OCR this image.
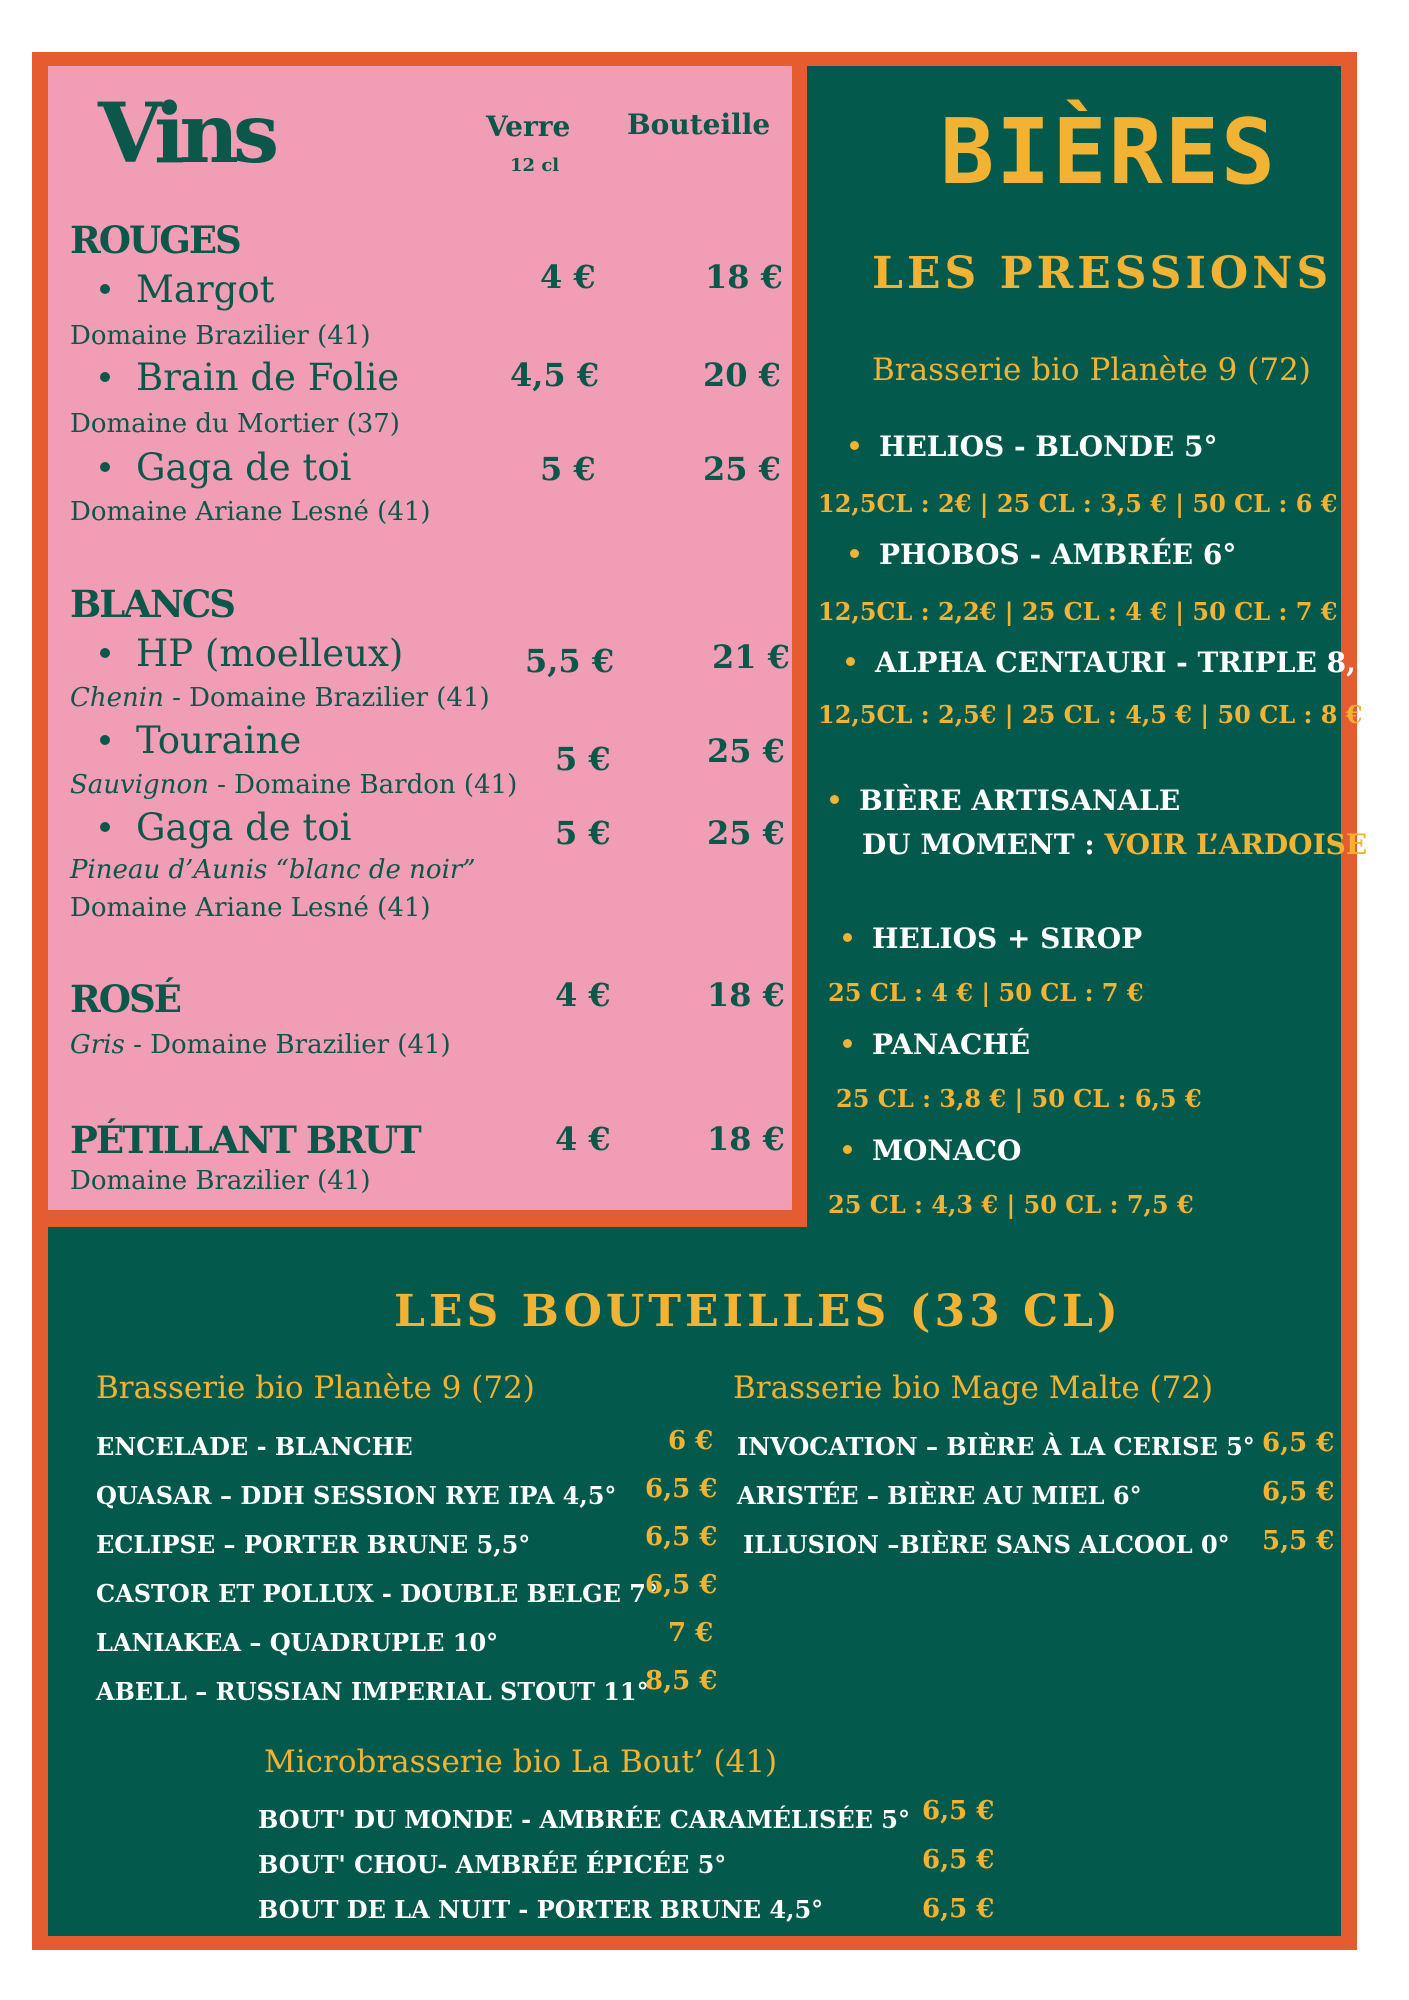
Vins	Verre
12 cl
Bouteille
ROUGES
Margot	4 €	18 €
Domaine Brazilier (41)
Brain de Folie	4,5 €	20 €
Domaine du Mortier (37)
Gaga de toi	5 €	25 €
Domaine Ariane Lesné (41)
BLANCS
HP (moelleux)	5,5 €	21 €
Chenin - Domaine Brazilier (41)
Touraine	5 €	25 €
Sauvignon - Domaine Bardon (41)
Gaga de toi	5 €	25 €
Pineau d’Aunis “blanc de noir”
Domaine Ariane Lesné (41)
ROSÉ	4 €	18 €
Gris - Domaine Brazilier (41)
PÉTILLANT BRUT	4 €	18 €
Domaine Brazilier (41)
BIÈRES
LES PRESSIONS
Brasserie bio Planète 9 (72)
HELIOS - BLONDE 5°
12,5CL : 2€ | 25 CL : 3,5 € | 50 CL : 6 €
PHOBOS - AMBRÉE 6°
12,5CL : 2,2€ | 25 CL : 4 € | 50 CL : 7 €
ALPHA CENTAURI - TRIPLE 8,5°
12,5CL : 2,5€ | 25 CL : 4,5 € | 50 CL : 8 €
BIÈRE ARTISANALE
DU MOMENT : VOIR L’ARDOISE
HELIOS + SIROP
25 CL : 4 € | 50 CL : 7 €
PANACHÉ
25 CL : 3,8 € | 50 CL : 6,5 €
MONACO
25 CL : 4,3 € | 50 CL : 7,5 €
LES BOUTEILLES (33 CL)
Brasserie bio Planète 9 (72)
ENCELADE - BLANCHE	6 €
QUASAR – DDH SESSION RYE IPA 4,5° 6,5 €
ECLIPSE – PORTER BRUNE 5,5°	6,5 €
CASTOR ET POLLUX - DOUBLE BELGE 7°
6,5 €
LANIAKEA – QUADRUPLE 10°	7 €
ABELL – RUSSIAN IMPERIAL STOUT 11°
8,5 €
Brasserie bio Mage Malte (72)
INVOCATION – BIÈRE À LA CERISE 5° 6,5 €
ARISTÉE – BIÈRE AU MIEL 6°	6,5 €
ILLUSION –BIÈRE SANS ALCOOL 0° 5,5 €
Microbrasserie bio La Bout’ (41)
BOUT' DU MONDE - AMBRÉE CARAMÉLISÉE 5° 6,5 €
BOUT' CHOU- AMBRÉE ÉPICÉE 5°	6,5 €
BOUT DE LA NUIT - PORTER BRUNE 4,5°	6,5 €
